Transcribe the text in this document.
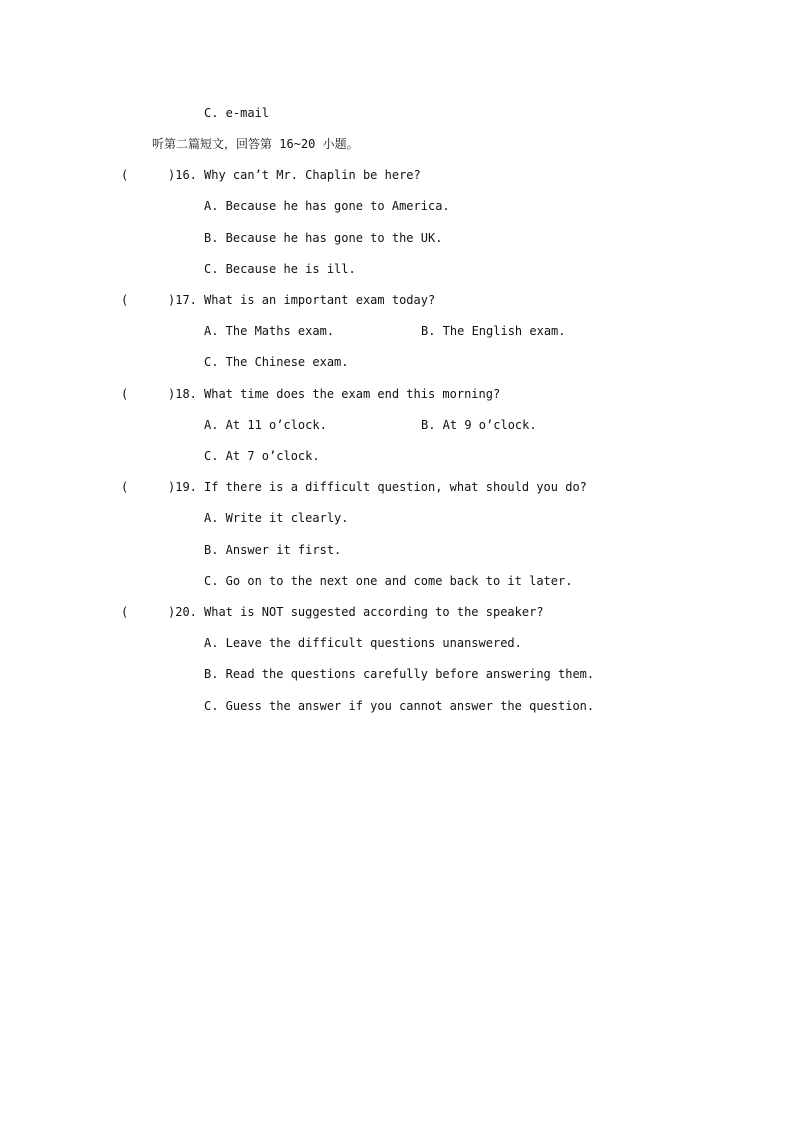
C. e-mail
听第二篇短文，回答第 16~20 小题。
(	)16. Why can’t Mr. Chaplin be here?
A. Because he has gone to America.
B. Because he has gone to the UK.
C. Because he is ill.
(	)17. What is an important exam today?
A. The Maths exam.	B. The English exam.
C. The Chinese exam.
(	)18. What time does the exam end this morning?
A. At 11 o’clock.	B. At 9 o’clock.
C. At 7 o’clock.
(	)19. If there is a difficult question, what should you do?
A. Write it clearly.
B. Answer it first.
C. Go on to the next one and come back to it later.
(	)20. What is NOT suggested according to the speaker?
A. Leave the difficult questions unanswered.
B. Read the questions carefully before answering them.
C. Guess the answer if you cannot answer the question.
